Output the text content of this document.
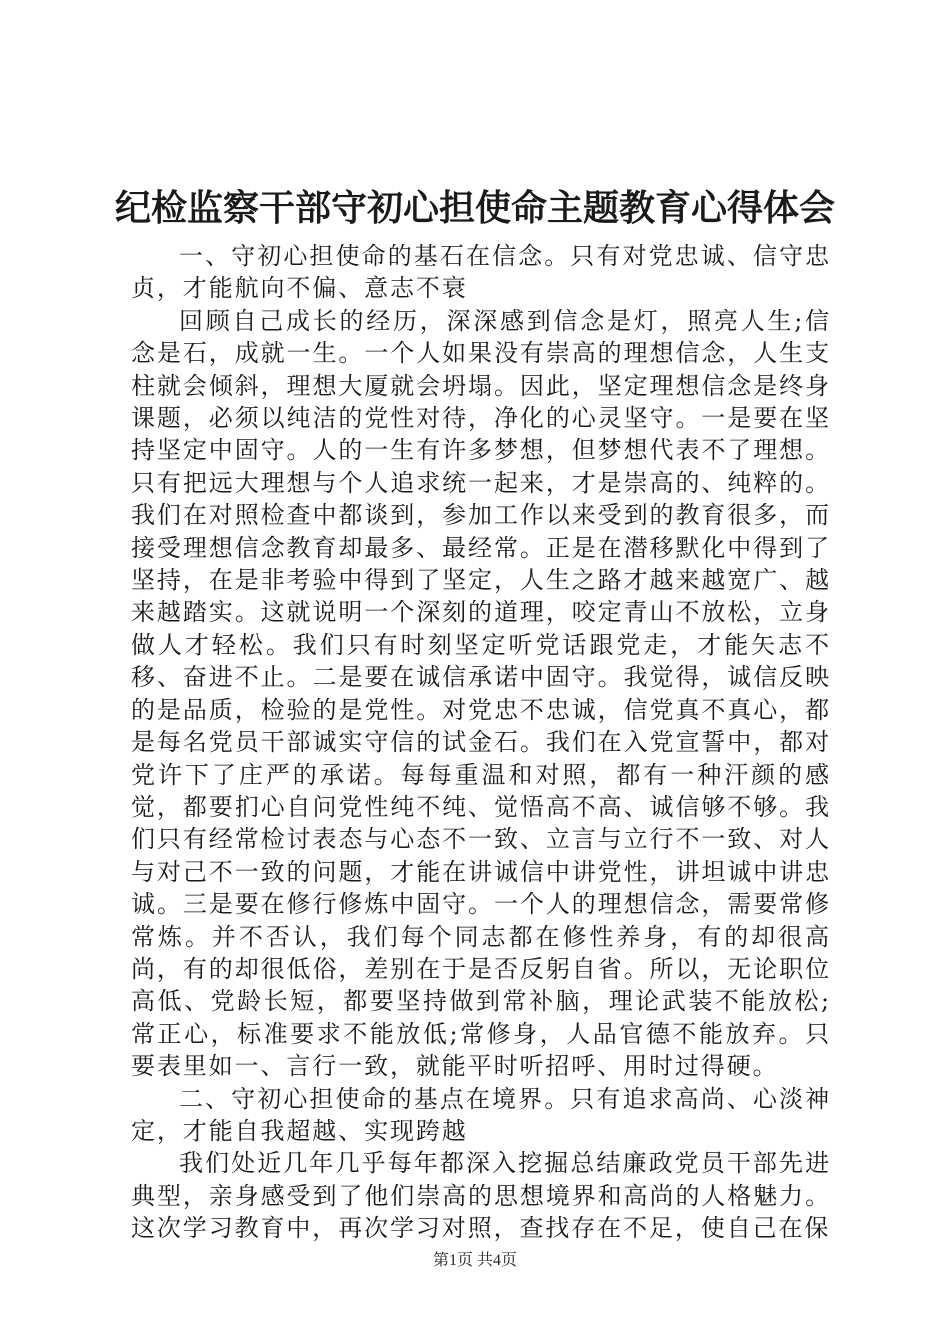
纪检监察干部守初心担使命主题教育心得体会

一、守初心担使命的基石在信念。只有对党忠诚、信守忠贞，才能航向不偏、意志不衰

回顾自己成长的经历，深深感到信念是灯，照亮人生;信念是石，成就一生。一个人如果没有崇高的理想信念，人生支柱就会倾斜，理想大厦就会坍塌。因此，坚定理想信念是终身课题，必须以纯洁的党性对待，净化的心灵坚守。一是要在坚持坚定中固守。人的一生有许多梦想，但梦想代表不了理想。只有把远大理想与个人追求统一起来，才是崇高的、纯粹的。我们在对照检查中都谈到，参加工作以来受到的教育很多，而接受理想信念教育却最多、最经常。正是在潜移默化中得到了坚持，在是非考验中得到了坚定，人生之路才越来越宽广、越来越踏实。这就说明一个深刻的道理，咬定青山不放松，立身做人才轻松。我们只有时刻坚定听党话跟党走，才能矢志不移、奋进不止。二是要在诚信承诺中固守。我觉得，诚信反映的是品质，检验的是党性。对党忠不忠诚，信党真不真心，都是每名党员干部诚实守信的试金石。我们在入党宣誓中，都对党许下了庄严的承诺。每每重温和对照，都有一种汗颜的感觉，都要扪心自问党性纯不纯、觉悟高不高、诚信够不够。我们只有经常检讨表态与心态不一致、立言与立行不一致、对人与对己不一致的问题，才能在讲诚信中讲党性，讲坦诚中讲忠诚。三是要在修行修炼中固守。一个人的理想信念，需要常修常炼。并不否认，我们每个同志都在修性养身，有的却很高尚，有的却很低俗，差别在于是否反躬自省。所以，无论职位高低、党龄长短，都要坚持做到常补脑，理论武装不能放松;常正心，标准要求不能放低;常修身，人品官德不能放弃。只要表里如一、言行一致，就能平时听招呼、用时过得硬。

二、守初心担使命的基点在境界。只有追求高尚、心淡神定，才能自我超越、实现跨越

我们处近几年几乎每年都深入挖掘总结廉政党员干部先进典型，亲身感受到了他们崇高的思想境界和高尚的人格魅力。这次学习教育中，再次学习对照，查找存在不足，使自己在保

第1页 共4页
